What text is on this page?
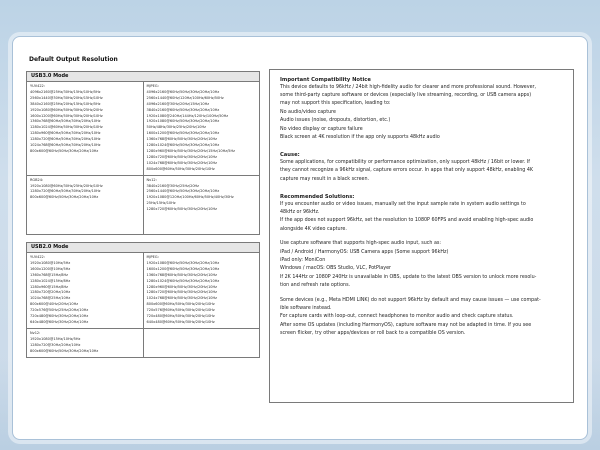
Default Output Resolution
USB3.0 Mode
YUV422:
4096x2160@25Hz/30Hz/15Hz/10Hz/5Hz
2560x1440@30Hz/30Hz/20Hz/15Hz/10Hz
3840x2160@25Hz/20Hz/15Hz/10Hz/5Hz
1920x1080@60Hz/50Hz/30Hz/25Hz/20Hz
1600x1200@60Hz/50Hz/30Hz/20Hz/10Hz
1360x768@60Hz/50Hz/30Hz/20Hz/10Hz
1280x1024@60Hz/50Hz/30Hz/20Hz/10Hz
1280x960@60Hz/50Hz/30Hz/20Hz/10Hz
1280x720@60Hz/50Hz/30Hz/20Hz/10Hz
1024x768@60Hz/50Hz/30Hz/20Hz/10Hz
800x600@60Hz/50Hz/30Hz/20Hz/10Hz
MJPEG:
4096x2160@60Hz/50Hz/30Hz/20Hz/10Hz
2560x1440@60Hz/120Hz/100Hz/60Hz/50Hz
4096x2160@30Hz/20Hz/15Hz/10Hz
3840x2160@60Hz/50Hz/30Hz/20Hz/10Hz
1920x1080@240Hz/144Hz/120Hz/100Hz/50Hz
1920x1080@60Hz/50Hz/30Hz/20Hz/10Hz
50Hz/48Hz/30Hz/25Hz/20Hz/10Hz
1600x1200@60Hz/50Hz/30Hz/20Hz/10Hz
1360x768@60Hz/50Hz/30Hz/20Hz/10Hz
1280x1024@60Hz/50Hz/30Hz/20Hz/10Hz
1280x960@60Hz/50Hz/30Hz/20Hz/15Hz/10Hz/5Hz
1280x720@60Hz/50Hz/30Hz/20Hz/10Hz
1024x768@60Hz/50Hz/30Hz/20Hz/10Hz
800x600@60Hz/50Hz/30Hz/20Hz/10Hz
RGB24:
1920x1080@60Hz/30Hz/25Hz/20Hz/10Hz
1280x720@60Hz/50Hz/30Hz/20Hz/10Hz
800x600@60Hz/50Hz/30Hz/20Hz/10Hz
Nv12:
3840x2160@30Hz/25Hz/20Hz
2560x1440@60Hz/50Hz/30Hz/20Hz/10Hz
1920x1080@120Hz/100Hz/60Hz/50Hz/40Hz/30Hz
25Hz/15Hz/10Hz
1280x720@60Hz/50Hz/30Hz/20Hz/10Hz
USB2.0 Mode
YUV422:
1920x1080@10Hz/5Hz
1600x1200@10Hz/5Hz
1360x768@15Hz/8Hz
1280x1024@15Hz/8Hz
1280x960@15Hz/8Hz
1280x720@20Hz/10Hz
1024x768@25Hz/10Hz
800x600@40Hz/20Hz/10Hz
720x576@50Hz/25Hz/20Hz/10Hz
720x480@60Hz/30Hz/20Hz/10Hz
640x480@60Hz/30Hz/20Hz/10Hz
MJPEG:
1920x1080@60Hz/50Hz/30Hz/20Hz/10Hz
1600x1200@60Hz/50Hz/30Hz/20Hz/10Hz
1360x768@60Hz/50Hz/30Hz/20Hz/10Hz
1280x1024@60Hz/50Hz/30Hz/20Hz/10Hz
1280x960@60Hz/50Hz/30Hz/20Hz/10Hz
1280x720@60Hz/50Hz/30Hz/20Hz/10Hz
1024x768@60Hz/50Hz/30Hz/20Hz/10Hz
800x600@60Hz/50Hz/30Hz/20Hz/10Hz
720x576@60Hz/50Hz/30Hz/20Hz/10Hz
720x480@60Hz/50Hz/30Hz/20Hz/10Hz
640x480@60Hz/50Hz/30Hz/20Hz/10Hz
Nv12:
1920x1080@15Hz/10Hz/5Hz
1280x720@30Hz/20Hz/10Hz
800x600@60Hz/50Hz/30Hz/20Hz/10Hz
Important Compatibility Notice
This device defaults to 96kHz / 24bit high-fidelity audio for clearer and more professional sound. However,
some third-party capture software or devices (especially live streaming, recording, or USB camera apps)
may not support this specification, leading to:
No audio/video capture
Audio issues (noise, dropouts, distortion, etc.)
No video display or capture failure
Black screen at 4K resolution if the app only supports 48kHz audio
Cause:
Some applications, for compatibility or performance optimization, only support 48kHz / 16bit or lower. If
they cannot recognize a 96kHz signal, capture errors occur. In apps that only support 48kHz, enabling 4K
capture may result in a black screen.
Recommended Solutions:
If you encounter audio or video issues, manually set the input sample rate in system audio settings to
48kHz or 96kHz.
If the app does not support 96kHz, set the resolution to 1080P 60FPS and avoid enabling high-spec audio
alongside 4K video capture.
Use capture software that supports high-spec audio input, such as:
iPad / Android / HarmonyOS: USB Camera apps (Some support 96kHz)
iPad only: MoniCon
Windows / macOS: OBS Studio, VLC, PotPlayer
If 2K 144Hz or 1080P 240Hz is unavailable in OBS, update to the latest OBS version to unlock more resolu-
tion and refresh rate options.
Some devices (e.g., Meta HDMI LINK) do not support 96kHz by default and may cause issues — use compat-
ible software instead.
For capture cards with loop-out, connect headphones to monitor audio and check capture status.
After some OS updates (including HarmonyOS), capture software may not be adapted in time. If you see
screen flicker, try other apps/devices or roll back to a compatible OS version.
